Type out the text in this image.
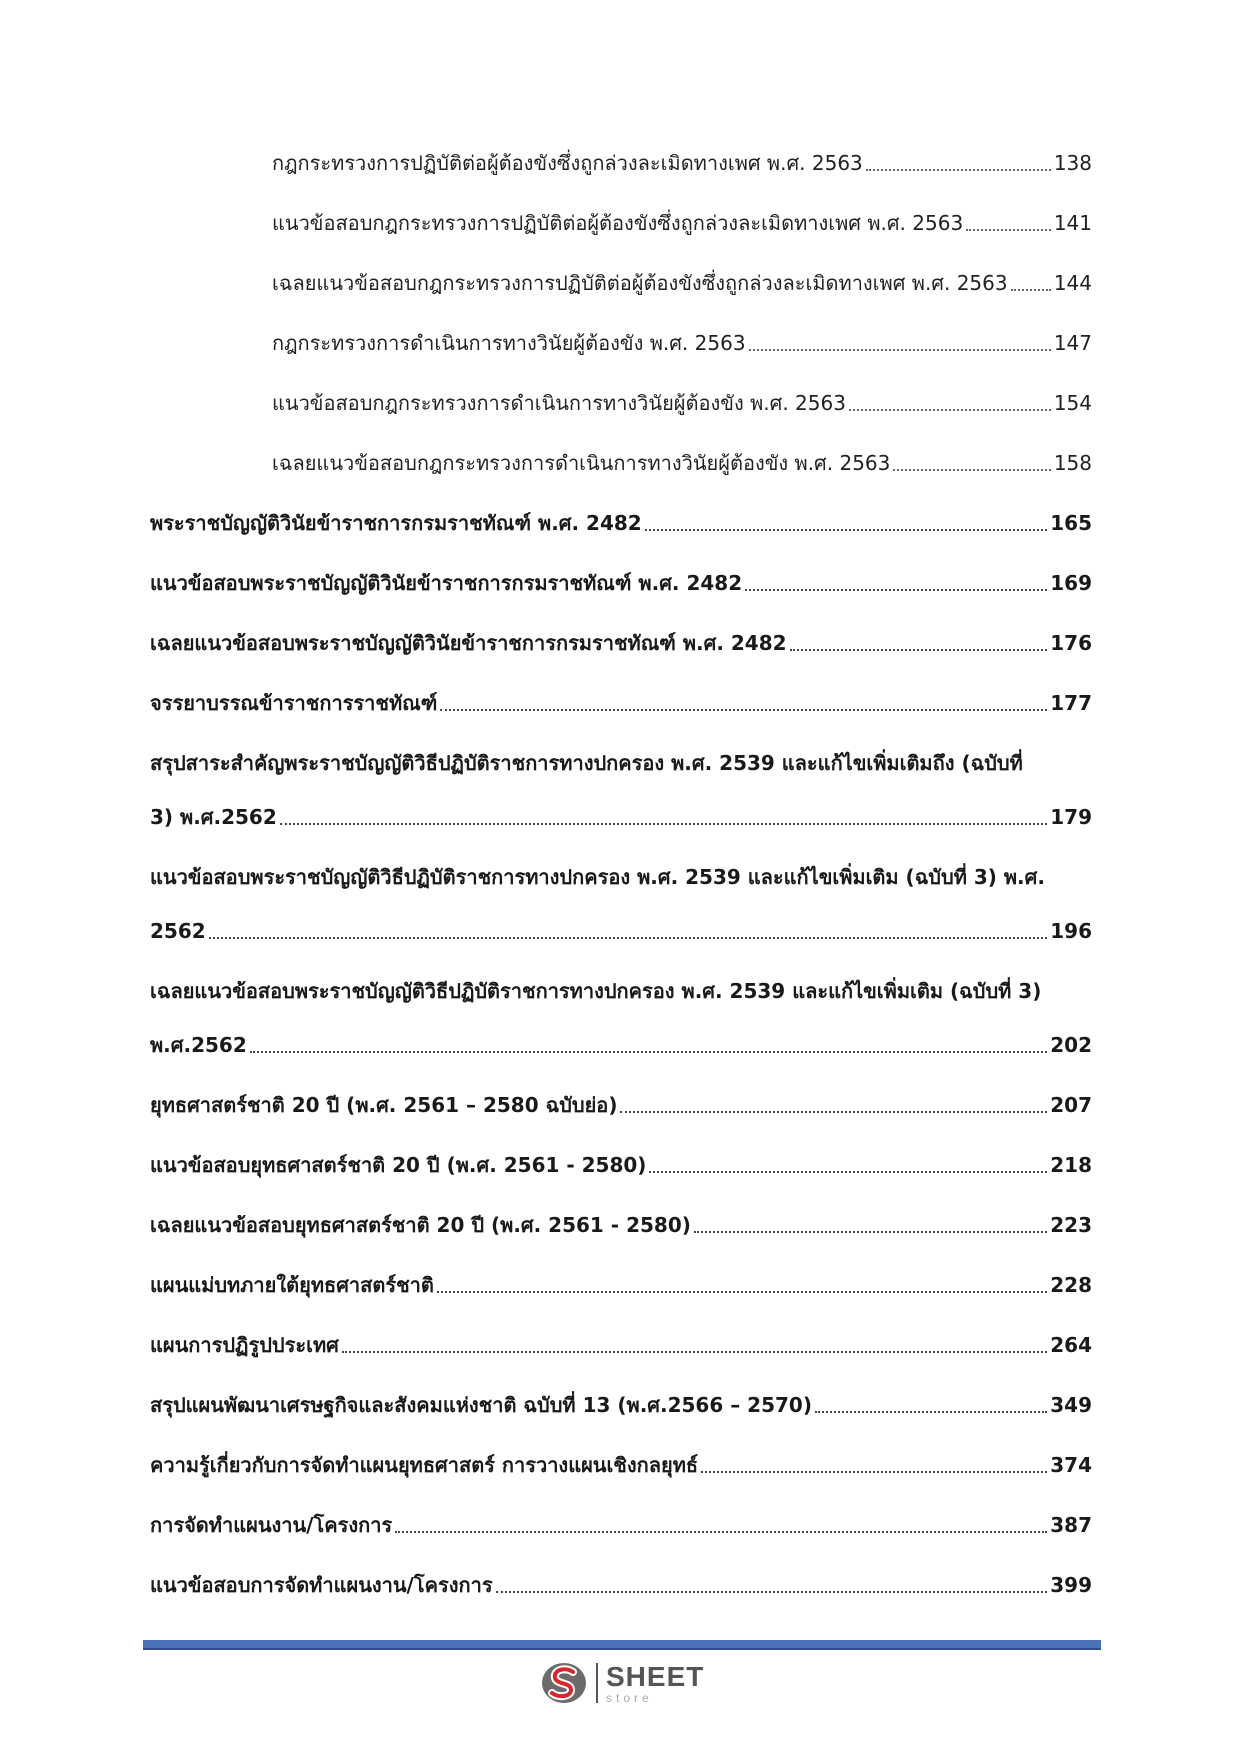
กฎกระทรวงการปฏิบัติต่อผู้ต้องขังซึ่งถูกล่วงละเมิดทางเพศ พ.ศ. 2563	138
แนวข้อสอบกฎกระทรวงการปฏิบัติต่อผู้ต้องขังซึ่งถูกล่วงละเมิดทางเพศ พ.ศ. 2563	141
เฉลยแนวข้อสอบกฎกระทรวงการปฏิบัติต่อผู้ต้องขังซึ่งถูกล่วงละเมิดทางเพศ พ.ศ. 2563 144
กฎกระทรวงการดำเนินการทางวินัยผู้ต้องขัง พ.ศ. 2563	147
แนวข้อสอบกฎกระทรวงการดำเนินการทางวินัยผู้ต้องขัง พ.ศ. 2563	154
เฉลยแนวข้อสอบกฎกระทรวงการดำเนินการทางวินัยผู้ต้องขัง พ.ศ. 2563	158
พระราชบัญญัติวินัยข้าราชการกรมราชทัณฑ์ พ.ศ. 2482	165
แนวข้อสอบพระราชบัญญัติวินัยข้าราชการกรมราชทัณฑ์ พ.ศ. 2482	169
เฉลยแนวข้อสอบพระราชบัญญัติวินัยข้าราชการกรมราชทัณฑ์ พ.ศ. 2482	176
จรรยาบรรณข้าราชการราชทัณฑ์	177
สรุปสาระสำคัญพระราชบัญญัติวิธีปฏิบัติราชการทางปกครอง พ.ศ. 2539 และแก้ไขเพิ่มเติมถึง (ฉบับที่
3) พ.ศ.2562	179
แนวข้อสอบพระราชบัญญัติวิธีปฏิบัติราชการทางปกครอง พ.ศ. 2539 และแก้ไขเพิ่มเติม (ฉบับที่ 3) พ.ศ.
2562	196
เฉลยแนวข้อสอบพระราชบัญญัติวิธีปฏิบัติราชการทางปกครอง พ.ศ. 2539 และแก้ไขเพิ่มเติม (ฉบับที่ 3)
พ.ศ.2562	202
ยุทธศาสตร์ชาติ 20 ปี (พ.ศ. 2561 – 2580 ฉบับย่อ)	207
แนวข้อสอบยุทธศาสตร์ชาติ 20 ปี (พ.ศ. 2561 - 2580)	218
เฉลยแนวข้อสอบยุทธศาสตร์ชาติ 20 ปี (พ.ศ. 2561 - 2580)	223
แผนแม่บทภายใต้ยุทธศาสตร์ชาติ	228
แผนการปฏิรูปประเทศ	264
สรุปแผนพัฒนาเศรษฐกิจและสังคมแห่งชาติ ฉบับที่ 13 (พ.ศ.2566 – 2570)	349
ความรู้เกี่ยวกับการจัดทำแผนยุทธศาสตร์ การวางแผนเชิงกลยุทธ์	374
การจัดทำแผนงาน/โครงการ	387
แนวข้อสอบการจัดทำแผนงาน/โครงการ	399
SHEET
store
